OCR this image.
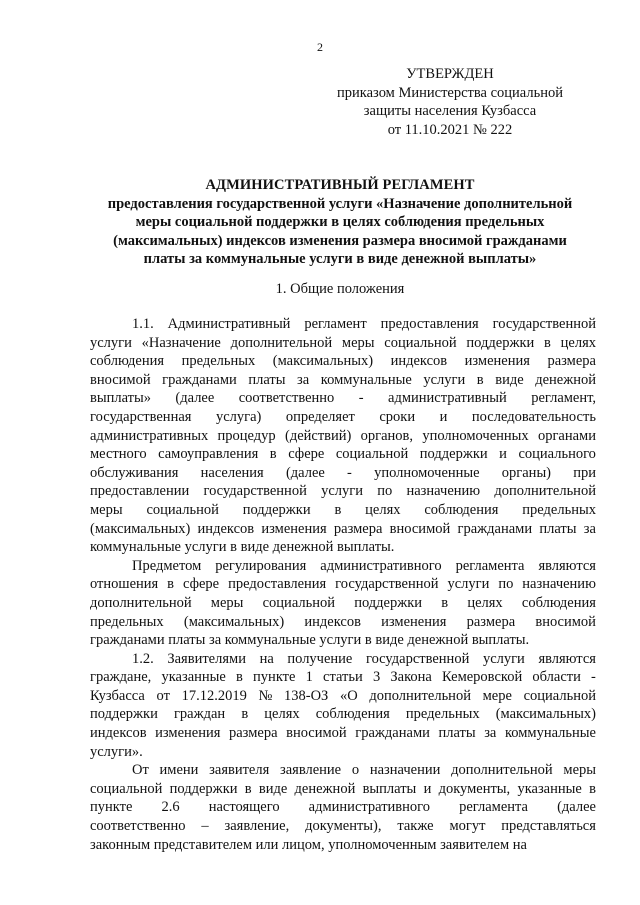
2
УТВЕРЖДЕН
приказом Министерства социальной
защиты населения Кузбасса
от 11.10.2021 № 222
АДМИНИСТРАТИВНЫЙ РЕГЛАМЕНТ
предоставления государственной услуги «Назначение дополнительной
меры социальной поддержки в целях соблюдения предельных
(максимальных) индексов изменения размера вносимой гражданами
платы за коммунальные услуги в виде денежной выплаты»
1. Общие положения
1.1. Административный регламент предоставления государственной
услуги «Назначение дополнительной меры социальной поддержки в целях
соблюдения предельных (максимальных) индексов изменения размера
вносимой гражданами платы за коммунальные услуги в виде денежной
выплаты» (далее соответственно - административный регламент,
государственная услуга) определяет сроки и последовательность
административных процедур (действий) органов, уполномоченных органами
местного самоуправления в сфере социальной поддержки и социального
обслуживания населения (далее - уполномоченные органы) при
предоставлении государственной услуги по назначению дополнительной
меры социальной поддержки в целях соблюдения предельных
(максимальных) индексов изменения размера вносимой гражданами платы за
коммунальные услуги в виде денежной выплаты.
Предметом регулирования административного регламента являются
отношения в сфере предоставления государственной услуги по назначению
дополнительной меры социальной поддержки в целях соблюдения
предельных (максимальных) индексов изменения размера вносимой
гражданами платы за коммунальные услуги в виде денежной выплаты.
1.2. Заявителями на получение государственной услуги являются
граждане, указанные в пункте 1 статьи 3 Закона Кемеровской области -
Кузбасса от 17.12.2019 № 138-ОЗ «О дополнительной мере социальной
поддержки граждан в целях соблюдения предельных (максимальных)
индексов изменения размера вносимой гражданами платы за коммунальные
услуги».
От имени заявителя заявление о назначении дополнительной меры
социальной поддержки в виде денежной выплаты и документы, указанные в
пункте 2.6 настоящего административного регламента (далее
соответственно – заявление, документы), также могут представляться
законным представителем или лицом, уполномоченным заявителем на
